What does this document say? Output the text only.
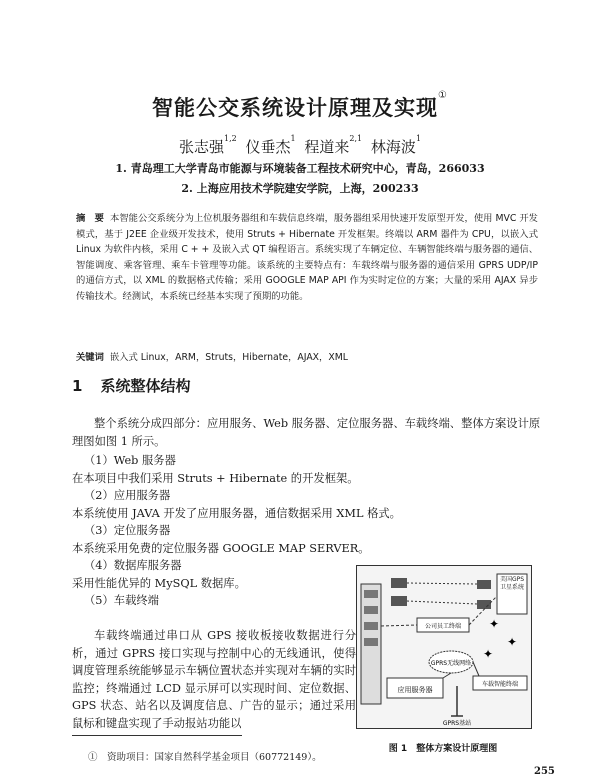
智能公交系统设计原理及实现①
张志强$^{1,2}$ 仪垂杰$^1$ 程道来$^{2,1}$ 林海波$^1$
1. 青岛理工大学青岛市能源与环境装备工程技术研究中心，青岛，266033
2. 上海应用技术学院建安学院，上海，200233
摘　要 本智能公交系统分为上位机服务器组和车载信息终端，服务器组采用快速开发原型开发，使用 MVC 开发模式，基于 J2EE 企业级开发技术，使用 Struts + Hibernate 开发框架。终端以 ARM 器件为 CPU，以嵌入式 Linux 为软件内核，采用 C + + 及嵌入式 QT 编程语言。系统实现了车辆定位、车辆智能终端与服务器的通信、智能调度、乘客管理、乘车卡管理等功能。该系统的主要特点有：车载终端与服务器的通信采用 GPRS UDP/IP 的通信方式，以 XML 的数据格式传输；采用 GOOGLE MAP API 作为实时定位的方案；大量的采用 AJAX 异步传输技术。经测试，本系统已经基本实现了预期的功能。
关键词 嵌入式 Linux，ARM，Struts，Hibernate，AJAX，XML
1 系统整体结构
整个系统分成四部分：应用服务、Web 服务器、定位服务器、车载终端、整体方案设计原理图如图 1 所示。
（1）Web 服务器
在本项目中我们采用 Struts + Hibernate 的开发框架。
（2）应用服务器
本系统使用 JAVA 开发了应用服务器，通信数据采用 XML 格式。
（3）定位服务器
本系统采用免费的定位服务器 GOOGLE MAP SERVER。
（4）数据库服务器
采用性能优异的 MySQL 数据库。
（5）车载终端
车载终端通过串口从 GPS 接收板接收数据进行分析，通过 GPRS 接口实现与控制中心的无线通讯，使得调度管理系统能够显示车辆位置状态并实现对车辆的实时监控；终端通过 LCD 显示屏可以实现时间、定位数据、GPS 状态、站名以及调度信息、广告的显示；通过采用鼠标和键盘实现了手动报站功能以
应用服务器
公司员工终端
美国GPS卫星系统
✦
✦
✦
车载智能终端
GPRS无线网络
GPRS基站
图 1　整体方案设计原理图
①　资助项目：国家自然科学基金项目（60772149）。
255
